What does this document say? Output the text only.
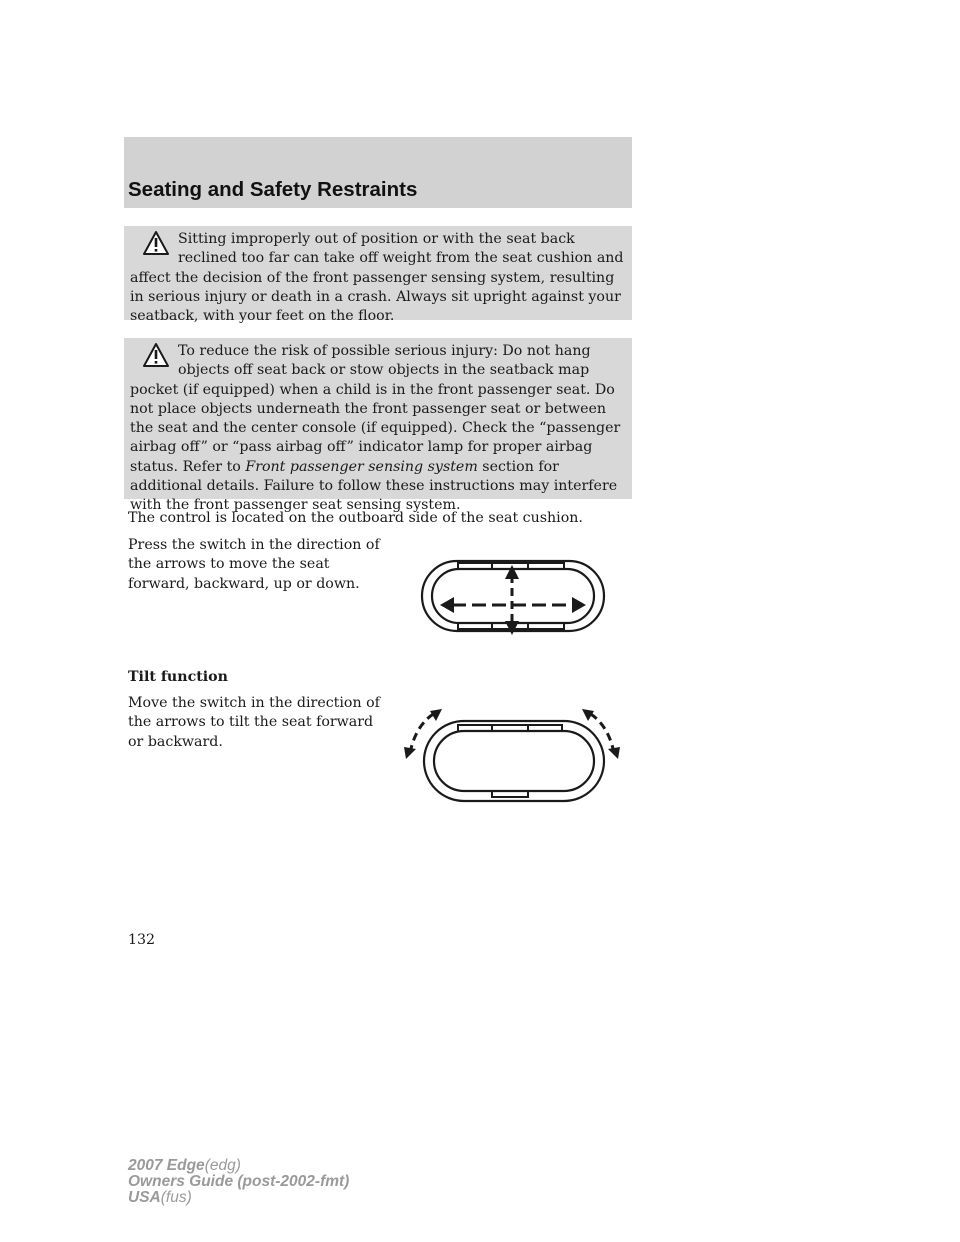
Seating and Safety Restraints

Sitting improperly out of position or with the seat back reclined too far can take off weight from the seat cushion and affect the decision of the front passenger sensing system, resulting in serious injury or death in a crash. Always sit upright against your seatback, with your feet on the floor.

To reduce the risk of possible serious injury: Do not hang objects off seat back or stow objects in the seatback map pocket (if equipped) when a child is in the front passenger seat. Do not place objects underneath the front passenger seat or between the seat and the center console (if equipped). Check the “passenger airbag off” or “pass airbag off” indicator lamp for proper airbag status. Refer to Front passenger sensing system section for additional details. Failure to follow these instructions may interfere with the front passenger seat sensing system.

The control is located on the outboard side of the seat cushion.

Press the switch in the direction of the arrows to move the seat forward, backward, up or down.

Tilt function

Move the switch in the direction of the arrows to tilt the seat forward or backward.

132
2007 Edge(edg)
Owners Guide (post-2002-fmt)
USA(fus)
